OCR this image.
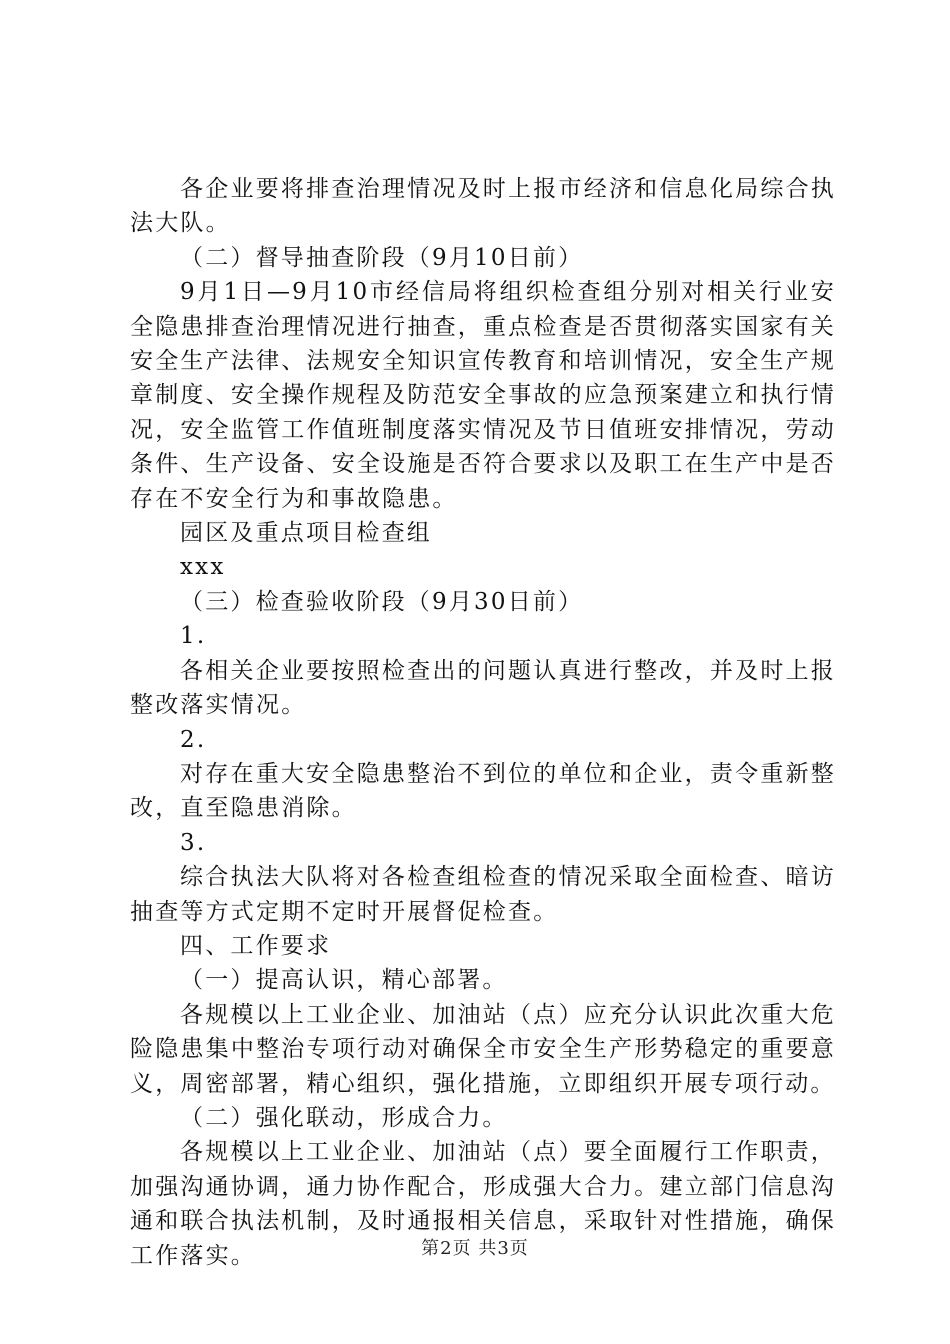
各企业要将排查治理情况及时上报市经济和信息化局综合执法大队。

（二）督导抽查阶段（9月10日前）

9月1日—9月10市经信局将组织检查组分别对相关行业安全隐患排查治理情况进行抽查，重点检查是否贯彻落实国家有关安全生产法律、法规安全知识宣传教育和培训情况，安全生产规章制度、安全操作规程及防范安全事故的应急预案建立和执行情况，安全监管工作值班制度落实情况及节日值班安排情况，劳动条件、生产设备、安全设施是否符合要求以及职工在生产中是否存在不安全行为和事故隐患。

园区及重点项目检查组

xxx

（三）检查验收阶段（9月30日前）

1.

各相关企业要按照检查出的问题认真进行整改，并及时上报整改落实情况。

2.

对存在重大安全隐患整治不到位的单位和企业，责令重新整改，直至隐患消除。

3.

综合执法大队将对各检查组检查的情况采取全面检查、暗访抽查等方式定期不定时开展督促检查。

四、工作要求

（一）提高认识，精心部署。

各规模以上工业企业、加油站（点）应充分认识此次重大危险隐患集中整治专项行动对确保全市安全生产形势稳定的重要意义，周密部署，精心组织，强化措施，立即组织开展专项行动。

（二）强化联动，形成合力。

各规模以上工业企业、加油站（点）要全面履行工作职责，加强沟通协调，通力协作配合，形成强大合力。建立部门信息沟通和联合执法机制，及时通报相关信息，采取针对性措施，确保工作落实。	第2页 共3页
